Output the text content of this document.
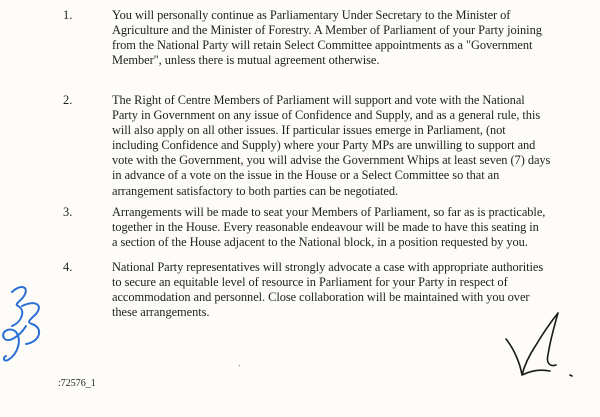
1.	You will personally continue as Parliamentary Under Secretary to the Minister of
Agriculture and the Minister of Forestry. A Member of Parliament of your Party joining
from the National Party will retain Select Committee appointments as a "Government
Member", unless there is mutual agreement otherwise.
2.	The Right of Centre Members of Parliament will support and vote with the National
Party in Government on any issue of Confidence and Supply, and as a general rule, this
will also apply on all other issues. If particular issues emerge in Parliament, (not
including Confidence and Supply) where your Party MPs are unwilling to support and
vote with the Government, you will advise the Government Whips at least seven (7) days
in advance of a vote on the issue in the House or a Select Committee so that an
arrangement satisfactory to both parties can be negotiated.
3.	Arrangements will be made to seat your Members of Parliament, so far as is practicable,
together in the House. Every reasonable endeavour will be made to have this seating in
a section of the House adjacent to the National block, in a position requested by you.
4.	National Party representatives will strongly advocate a case with appropriate authorities
to secure an equitable level of resource in Parliament for your Party in respect of
accommodation and personnel. Close collaboration will be maintained with you over
these arrangements.
:72576_1
